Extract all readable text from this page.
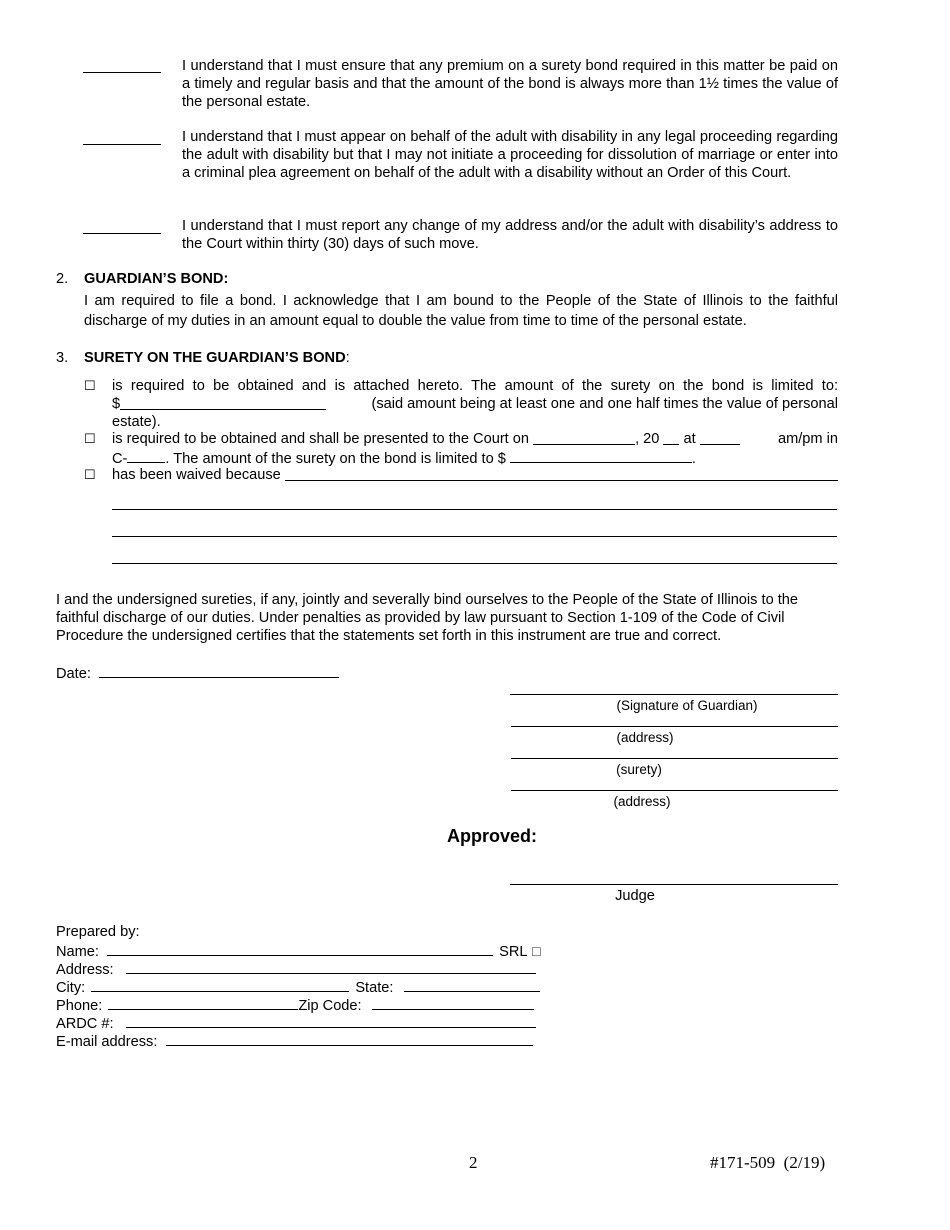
I understand that I must ensure that any premium on a surety bond required in this matter be paid on a timely and regular basis and that the amount of the bond is always more than 1½ times the value of the personal estate.
I understand that I must appear on behalf of the adult with disability in any legal proceeding regarding the adult with disability but that I may not initiate a proceeding for dissolution of marriage or enter into a criminal plea agreement on behalf of the adult with a disability without an Order of this Court.
I understand that I must report any change of my address and/or the adult with disability’s address to the Court within thirty (30) days of such move.
2. GUARDIAN’S BOND:
I am required to file a bond. I acknowledge that I am bound to the People of the State of Illinois to the faithful discharge of my duties in an amount equal to double the value from time to time of the personal estate.
3. SURETY ON THE GUARDIAN’S BOND:
☐ is required to be obtained and is attached hereto. The amount of the surety on the bond is limited to:
$	(said amount being at least one and one half times the value of personal
estate).
☐ is required to be obtained and shall be presented to the Court on	, 20 at	am/pm in
C-	. The amount of the surety on the bond is limited to $	.
☐ has been waived because
I and the undersigned sureties, if any, jointly and severally bind ourselves to the People of the State of Illinois to the faithful discharge of our duties. Under penalties as provided by law pursuant to Section 1-109 of the Code of Civil Procedure the undersigned certifies that the statements set forth in this instrument are true and correct.
Date:
(Signature of Guardian)
(address)
(surety)
(address)
Approved:
Judge
Prepared by:
Name:	SRL ☐
Address:
City:	State:
Phone:	Zip Code:
ARDC #:
E-mail address:
2	#171-509  (2/19)
